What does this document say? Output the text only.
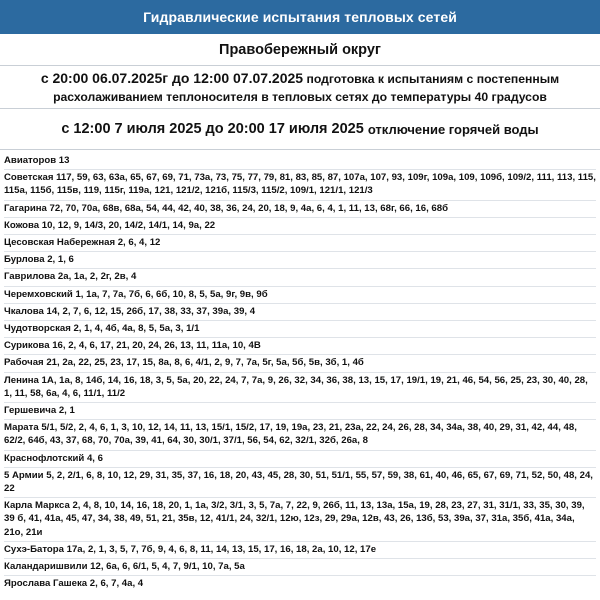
Гидравлические испытания тепловых сетей
Правобережный округ
с 20:00 06.07.2025г до 12:00 07.07.2025 подготовка к испытаниям с постепенным
расхолаживанием теплоносителя в тепловых сетях до температуры 40 градусов
с 12:00 7 июля 2025 до 20:00 17 июля 2025 отключение горячей воды
Авиаторов 13
Советская 117, 59, 63, 63а, 65, 67, 69, 71, 73а, 73, 75, 77, 79, 81, 83, 85, 87, 107а, 107, 93, 109г, 109а, 109, 109б, 109/2, 111, 113, 115, 115а, 115б, 115в, 119, 115г, 119а, 121, 121/2, 121б, 115/3, 115/2, 109/1, 121/1, 121/3
Гагарина 72, 70, 70а, 68в, 68а, 54, 44, 42, 40, 38, 36, 24, 20, 18, 9, 4а, 6, 4, 1, 11, 13, 68г, 66, 16, 68б
Кожова 10, 12, 9, 14/3, 20, 14/2, 14/1, 14, 9а, 22
Цесовская Набережная 2, 6, 4, 12
Бурлова 2, 1, 6
Гаврилова 2а, 1а, 2, 2г, 2в, 4
Черемховский 1, 1а, 7, 7а, 7б, 6, 6б, 10, 8, 5, 5а, 9г, 9в, 9б
Чкалова 14, 2, 7, 6, 12, 15, 26б, 17, 38, 33, 37, 39а, 39, 4
Чудотворская 2, 1, 4, 4б, 4а, 8, 5, 5а, 3, 1/1
Сурикова 16, 2, 4, 6, 17, 21, 20, 24, 26, 13, 11, 11а, 10, 4В
Рабочая 21, 2а, 22, 25, 23, 17, 15, 8а, 8, 6, 4/1, 2, 9, 7, 7а, 5г, 5а, 5б, 5в, 3б, 1, 4б
Ленина 1А, 1а, 8, 14б, 14, 16, 18, 3, 5, 5а, 20, 22, 24, 7, 7а, 9, 26, 32, 34, 36, 38, 13, 15, 17, 19/1, 19, 21, 46, 54, 56, 25, 23, 30, 40, 28, 1, 11, 58, 6а, 4, 6, 11/1, 11/2
Гершевича 2, 1
Марата 5/1, 5/2, 2, 4, 6, 1, 3, 10, 12, 14, 11, 13, 15/1, 15/2, 17, 19, 19а, 23, 21, 23а, 22, 24, 26, 28, 34, 34а, 38, 40, 29, 31, 42, 44, 48, 62/2, 64б, 43, 37, 68, 70, 70а, 39, 41, 64, 30, 30/1, 37/1, 56, 54, 62, 32/1, 32б, 26а, 8
Краснофлотский 4, 6
5 Армии 5, 2, 2/1, 6, 8, 10, 12, 29, 31, 35, 37, 16, 18, 20, 43, 45, 28, 30, 51, 51/1, 55, 57, 59, 38, 61, 40, 46, 65, 67, 69, 71, 52, 50, 48, 24, 22
Карла Маркса 2, 4, 8, 10, 14, 16, 18, 20, 1, 1а, 3/2, 3/1, 3, 5, 7а, 7, 22, 9, 26б, 11, 13, 13а, 15а, 19, 28, 23, 27, 31, 31/1, 33, 35, 30, 39, 39 б, 41, 41а, 45, 47, 34, 38, 49, 51, 21, 35в, 12, 41/1, 24, 32/1, 12ю, 12з, 29, 29а, 12в, 43, 26, 13б, 53, 39а, 37, 31а, 35б, 41а, 34а, 21о, 21и
Сухэ-Батора 17а, 2, 1, 3, 5, 7, 7б, 9, 4, 6, 8, 11, 14, 13, 15, 17, 16, 18, 2а, 10, 12, 17е
Каландаришвили 12, 6а, 6, 6/1, 5, 4, 7, 9/1, 10, 7а, 5а
Ярослава Гашека 2, 6, 7, 4а, 4
